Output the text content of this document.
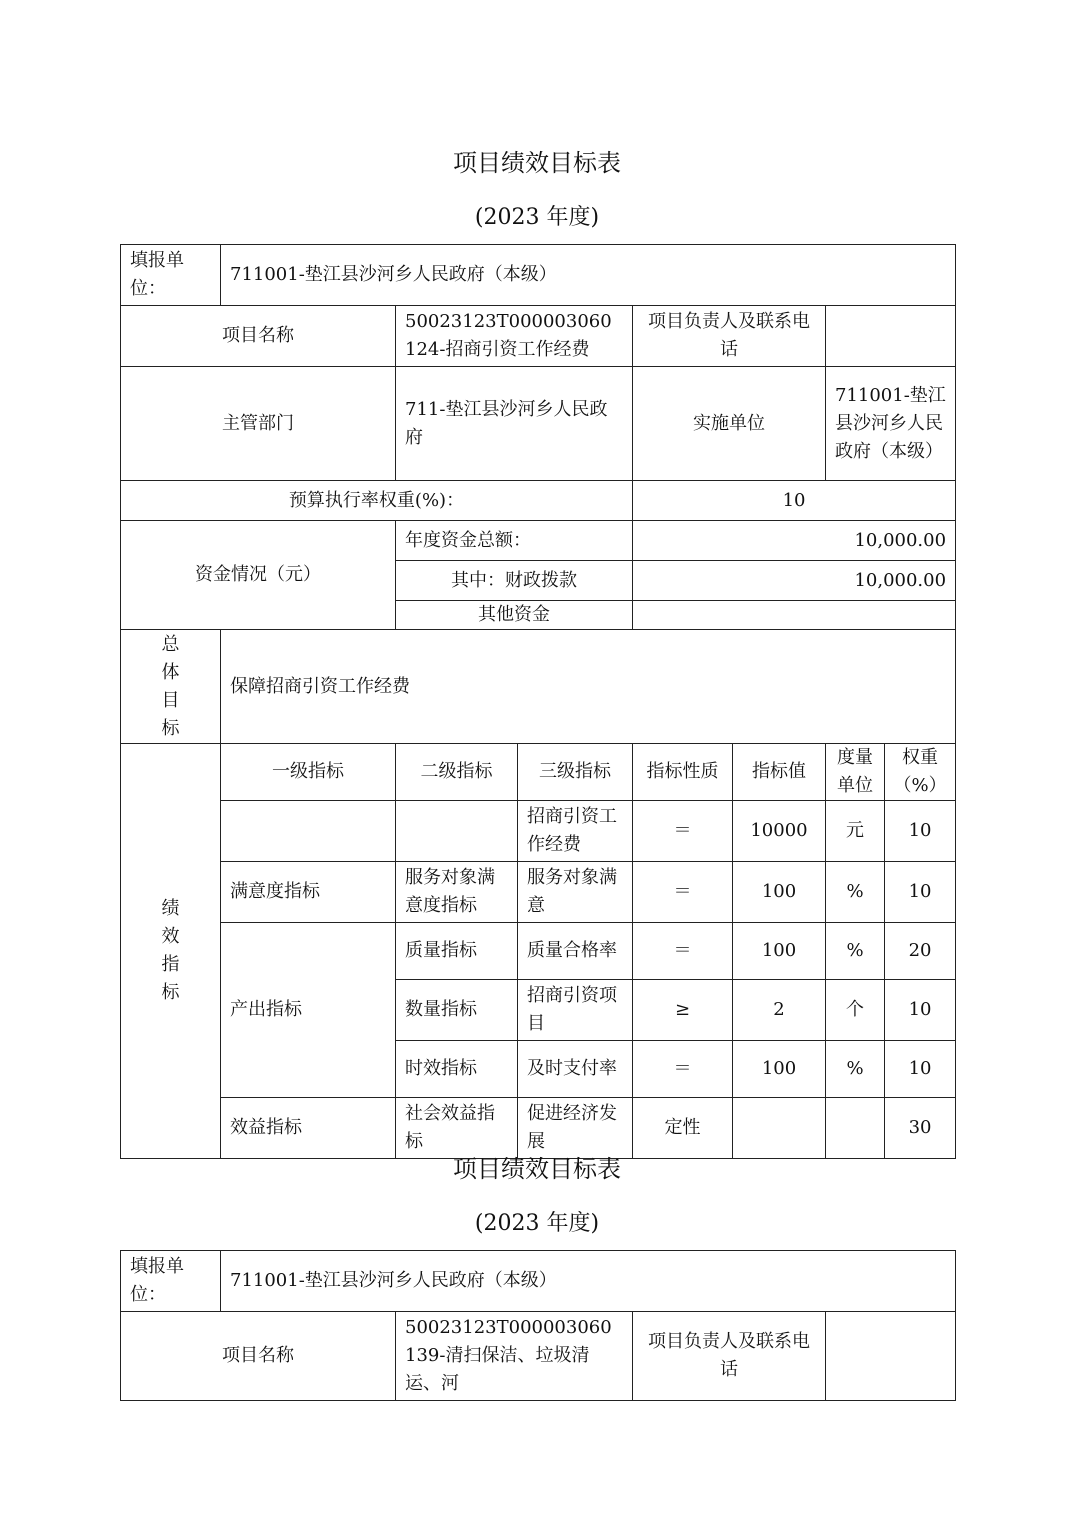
项目绩效目标表
(2023 年度)
填报单位：	711001-垫江县沙河乡人民政府（本级）						
项目名称		50023123T000003060124-招商引资工作经费		项目负责人及联系电话			
主管部门		711-垫江县沙河乡人民政府		实施单位		711001-垫江县沙河乡人民政府（本级）	
预算执行率权重(%)：				10			
资金情况（元）		年度资金总额：		10,000.00			
		其中：财政拨款		10,000.00			
		其他资金					
总体目标	保障招商引资工作经费						
绩效指标	一级指标	二级指标	三级指标	指标性质	指标值	度量单位	权重（%）
			招商引资工作经费	＝	10000	元	10
	满意度指标	服务对象满意度指标	服务对象满意	＝	100	%	10
	产出指标	质量指标	质量合格率	＝	100	%	20
		数量指标	招商引资项目	≥	2	个	10
		时效指标	及时支付率	＝	100	%	10
	效益指标	社会效益指标	促进经济发展	定性			30
项目绩效目标表
(2023 年度)
填报单位：	711001-垫江县沙河乡人民政府（本级）			
项目名称		50023123T000003060139-清扫保洁、垃圾清运、河	项目负责人及联系电话	
